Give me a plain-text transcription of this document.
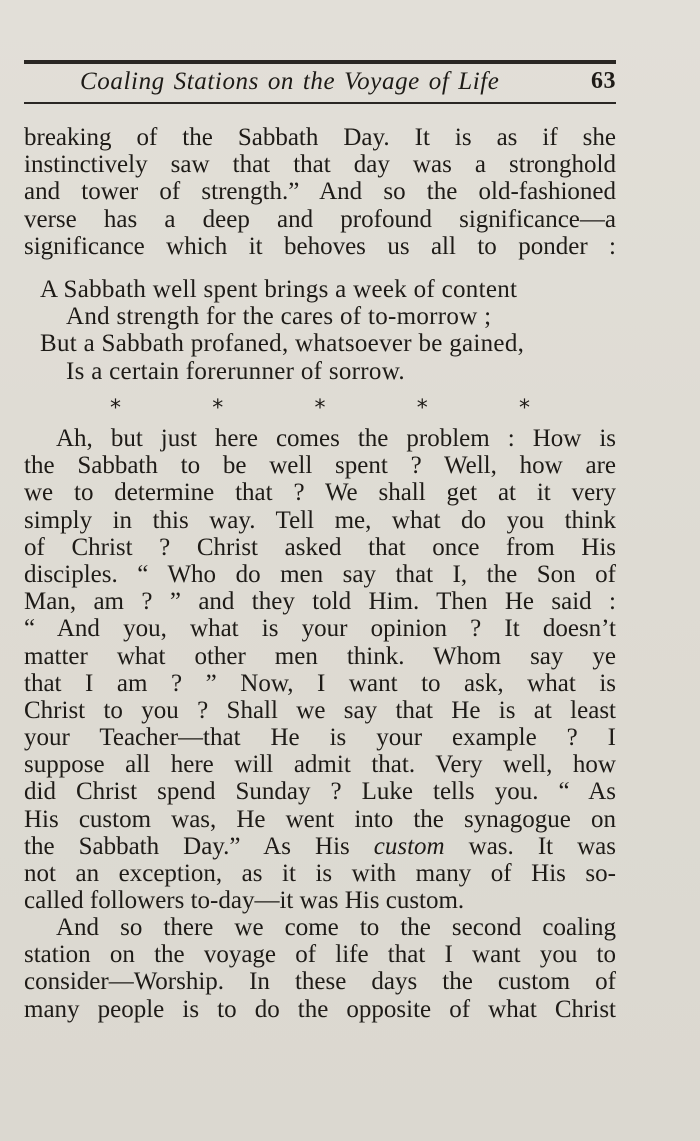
Coaling Stations on the Voyage of Life	63
breaking of the Sabbath Day. It is as if she
instinctively saw that that day was a stronghold
and tower of strength.” And so the old-fashioned
verse has a deep and profound significance—a
significance which it behoves us all to ponder :
A Sabbath well spent brings a week of content
And strength for the cares of to-morrow ;
But a Sabbath profaned, whatsoever be gained,
Is a certain forerunner of sorrow.
*	*	*	*	*
Ah, but just here comes the problem : How is
the Sabbath to be well spent ? Well, how are
we to determine that ? We shall get at it very
simply in this way. Tell me, what do you think
of Christ ? Christ asked that once from His
disciples. “ Who do men say that I, the Son of
Man, am ? ” and they told Him. Then He said :
“ And you, what is your opinion ? It doesn’t
matter what other men think. Whom say ye
that I am ? ” Now, I want to ask, what is
Christ to you ? Shall we say that He is at least
your Teacher—that He is your example ? I
suppose all here will admit that. Very well, how
did Christ spend Sunday ? Luke tells you. “ As
His custom was, He went into the synagogue on
the Sabbath Day.” As His custom was. It was
not an exception, as it is with many of His so-
called followers to-day—it was His custom.
And so there we come to the second coaling
station on the voyage of life that I want you to
consider—Worship. In these days the custom of
many people is to do the opposite of what Christ
